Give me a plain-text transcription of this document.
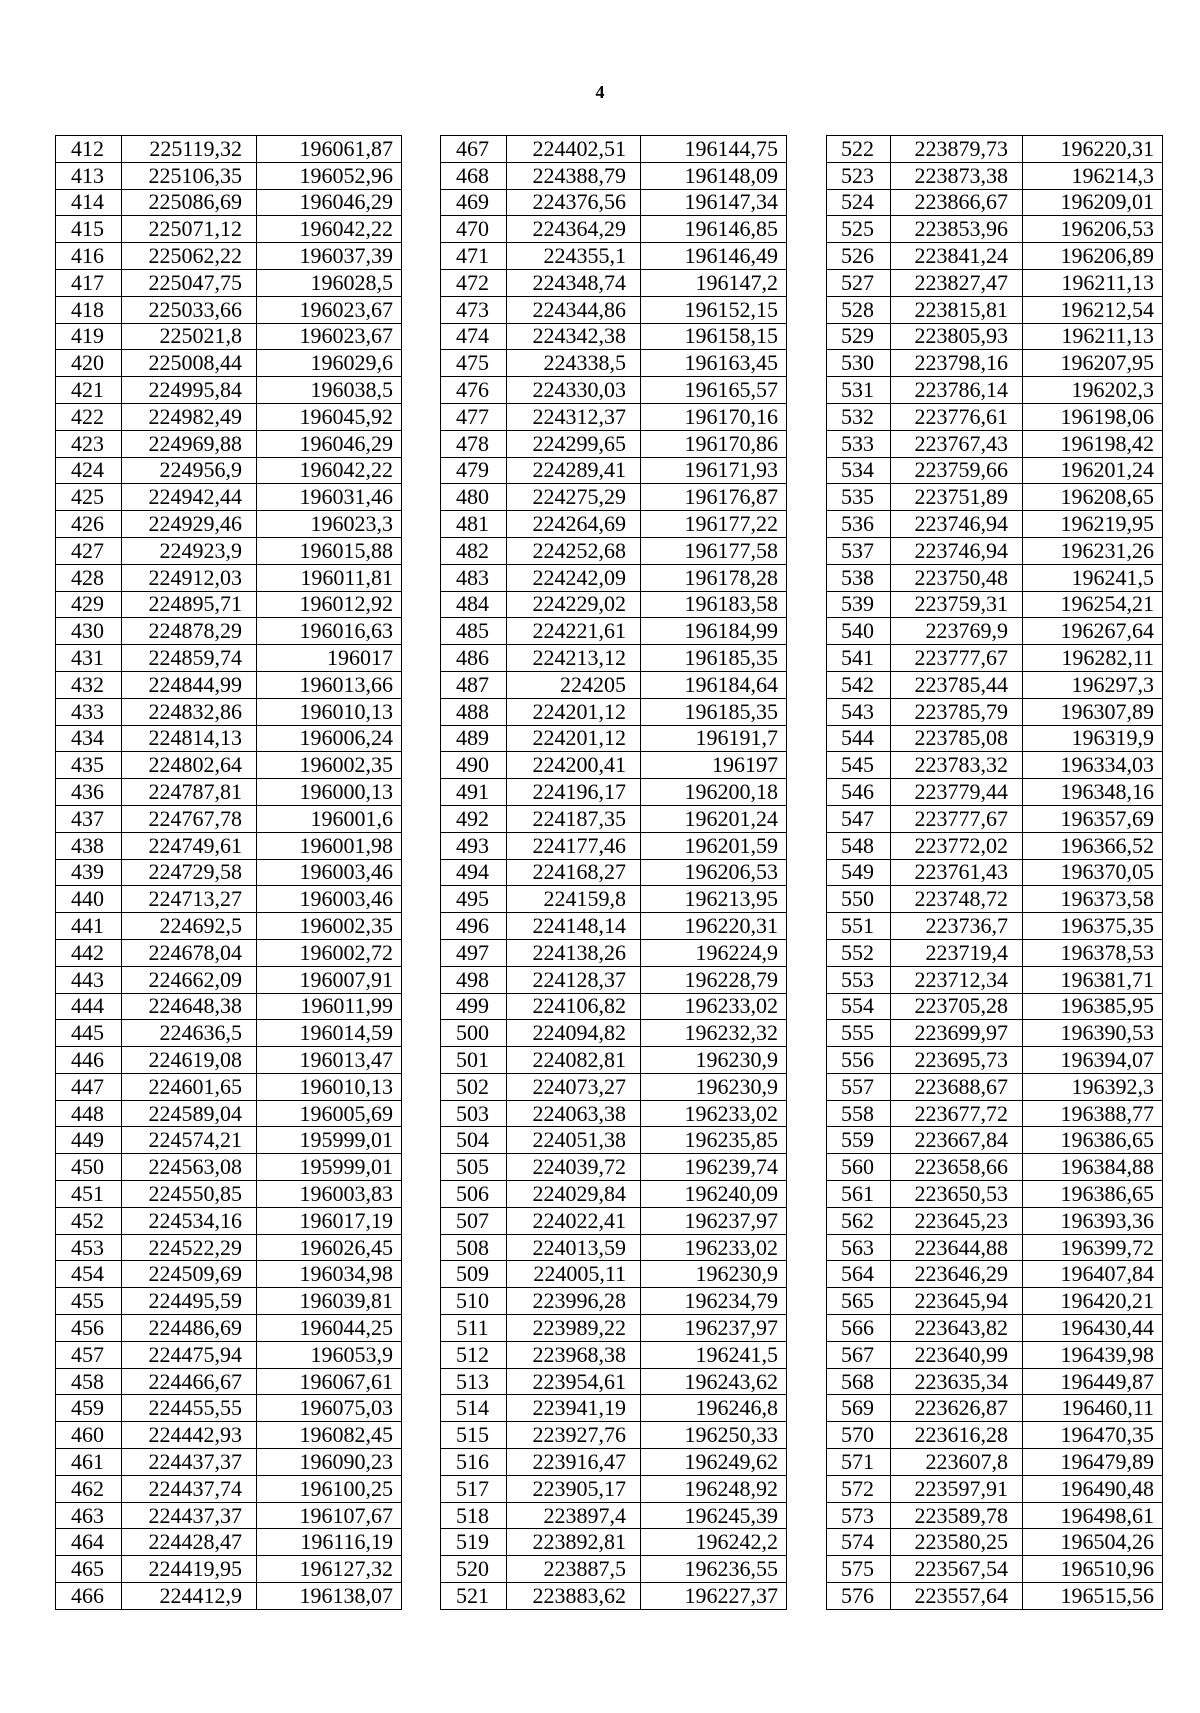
4
412	225119,32	196061,87
413	225106,35	196052,96
414	225086,69	196046,29
415	225071,12	196042,22
416	225062,22	196037,39
417	225047,75	196028,5
418	225033,66	196023,67
419	225021,8	196023,67
420	225008,44	196029,6
421	224995,84	196038,5
422	224982,49	196045,92
423	224969,88	196046,29
424	224956,9	196042,22
425	224942,44	196031,46
426	224929,46	196023,3
427	224923,9	196015,88
428	224912,03	196011,81
429	224895,71	196012,92
430	224878,29	196016,63
431	224859,74	196017
432	224844,99	196013,66
433	224832,86	196010,13
434	224814,13	196006,24
435	224802,64	196002,35
436	224787,81	196000,13
437	224767,78	196001,6
438	224749,61	196001,98
439	224729,58	196003,46
440	224713,27	196003,46
441	224692,5	196002,35
442	224678,04	196002,72
443	224662,09	196007,91
444	224648,38	196011,99
445	224636,5	196014,59
446	224619,08	196013,47
447	224601,65	196010,13
448	224589,04	196005,69
449	224574,21	195999,01
450	224563,08	195999,01
451	224550,85	196003,83
452	224534,16	196017,19
453	224522,29	196026,45
454	224509,69	196034,98
455	224495,59	196039,81
456	224486,69	196044,25
457	224475,94	196053,9
458	224466,67	196067,61
459	224455,55	196075,03
460	224442,93	196082,45
461	224437,37	196090,23
462	224437,74	196100,25
463	224437,37	196107,67
464	224428,47	196116,19
465	224419,95	196127,32
466	224412,9	196138,07
467	224402,51	196144,75
468	224388,79	196148,09
469	224376,56	196147,34
470	224364,29	196146,85
471	224355,1	196146,49
472	224348,74	196147,2
473	224344,86	196152,15
474	224342,38	196158,15
475	224338,5	196163,45
476	224330,03	196165,57
477	224312,37	196170,16
478	224299,65	196170,86
479	224289,41	196171,93
480	224275,29	196176,87
481	224264,69	196177,22
482	224252,68	196177,58
483	224242,09	196178,28
484	224229,02	196183,58
485	224221,61	196184,99
486	224213,12	196185,35
487	224205	196184,64
488	224201,12	196185,35
489	224201,12	196191,7
490	224200,41	196197
491	224196,17	196200,18
492	224187,35	196201,24
493	224177,46	196201,59
494	224168,27	196206,53
495	224159,8	196213,95
496	224148,14	196220,31
497	224138,26	196224,9
498	224128,37	196228,79
499	224106,82	196233,02
500	224094,82	196232,32
501	224082,81	196230,9
502	224073,27	196230,9
503	224063,38	196233,02
504	224051,38	196235,85
505	224039,72	196239,74
506	224029,84	196240,09
507	224022,41	196237,97
508	224013,59	196233,02
509	224005,11	196230,9
510	223996,28	196234,79
511	223989,22	196237,97
512	223968,38	196241,5
513	223954,61	196243,62
514	223941,19	196246,8
515	223927,76	196250,33
516	223916,47	196249,62
517	223905,17	196248,92
518	223897,4	196245,39
519	223892,81	196242,2
520	223887,5	196236,55
521	223883,62	196227,37
522	223879,73	196220,31
523	223873,38	196214,3
524	223866,67	196209,01
525	223853,96	196206,53
526	223841,24	196206,89
527	223827,47	196211,13
528	223815,81	196212,54
529	223805,93	196211,13
530	223798,16	196207,95
531	223786,14	196202,3
532	223776,61	196198,06
533	223767,43	196198,42
534	223759,66	196201,24
535	223751,89	196208,65
536	223746,94	196219,95
537	223746,94	196231,26
538	223750,48	196241,5
539	223759,31	196254,21
540	223769,9	196267,64
541	223777,67	196282,11
542	223785,44	196297,3
543	223785,79	196307,89
544	223785,08	196319,9
545	223783,32	196334,03
546	223779,44	196348,16
547	223777,67	196357,69
548	223772,02	196366,52
549	223761,43	196370,05
550	223748,72	196373,58
551	223736,7	196375,35
552	223719,4	196378,53
553	223712,34	196381,71
554	223705,28	196385,95
555	223699,97	196390,53
556	223695,73	196394,07
557	223688,67	196392,3
558	223677,72	196388,77
559	223667,84	196386,65
560	223658,66	196384,88
561	223650,53	196386,65
562	223645,23	196393,36
563	223644,88	196399,72
564	223646,29	196407,84
565	223645,94	196420,21
566	223643,82	196430,44
567	223640,99	196439,98
568	223635,34	196449,87
569	223626,87	196460,11
570	223616,28	196470,35
571	223607,8	196479,89
572	223597,91	196490,48
573	223589,78	196498,61
574	223580,25	196504,26
575	223567,54	196510,96
576	223557,64	196515,56
